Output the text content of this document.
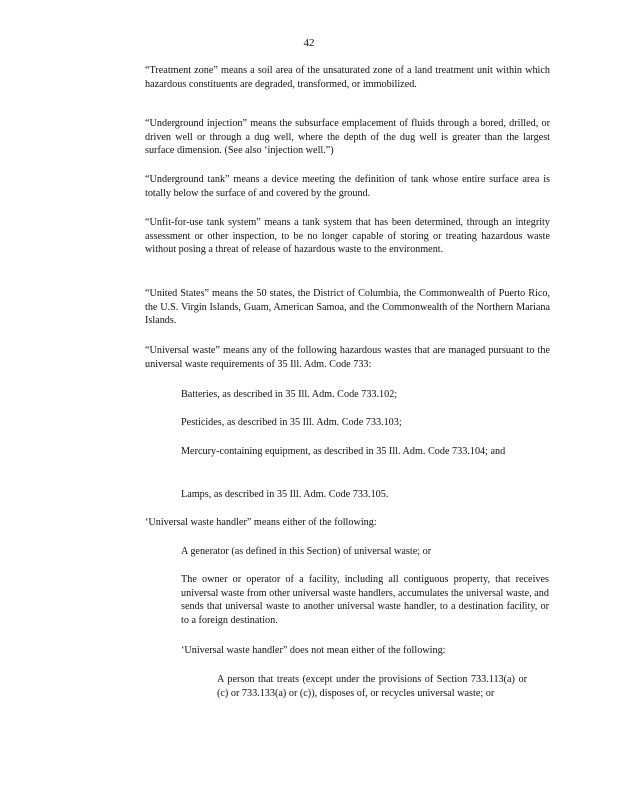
42

“Treatment zone” means a soil area of the unsaturated zone of a land treatment unit within which hazardous constituents are degraded, transformed, or immobilized.

“Underground injection” means the subsurface emplacement of fluids through a bored, drilled, or driven well or through a dug well, where the depth of the dug well is greater than the largest surface dimension. (See also ‘injection well.”)

“Underground tank” means a device meeting the definition of tank whose entire surface area is totally below the surface of and covered by the ground.

“Unfit-for-use tank system” means a tank system that has been determined, through an integrity assessment or other inspection, to be no longer capable of storing or treating hazardous waste without posing a threat of release of hazardous waste to the environment.

“United States” means the 50 states, the District of Columbia, the Commonwealth of Puerto Rico, the U.S. Virgin Islands, Guam, American Samoa, and the Commonwealth of the Northern Mariana Islands.

“Universal waste” means any of the following hazardous wastes that are managed pursuant to the universal waste requirements of 35 Ill. Adm. Code 733:

Batteries, as described in 35 Ill. Adm. Code 733.102;

Pesticides, as described in 35 Ill. Adm. Code 733.103;

Mercury-containing equipment, as described in 35 Ill. Adm. Code 733.104; and

Lamps, as described in 35 Ill. Adm. Code 733.105.

‘Universal waste handler” means either of the following:

A generator (as defined in this Section) of universal waste; or

The owner or operator of a facility, including all contiguous property, that receives universal waste from other universal waste handlers, accumulates the universal waste, and sends that universal waste to another universal waste handler, to a destination facility, or to a foreign destination.

‘Universal waste handler” does not mean either of the following:

A person that treats (except under the provisions of Section 733.113(a) or (c) or 733.133(a) or (c)), disposes of, or recycles universal waste; or
